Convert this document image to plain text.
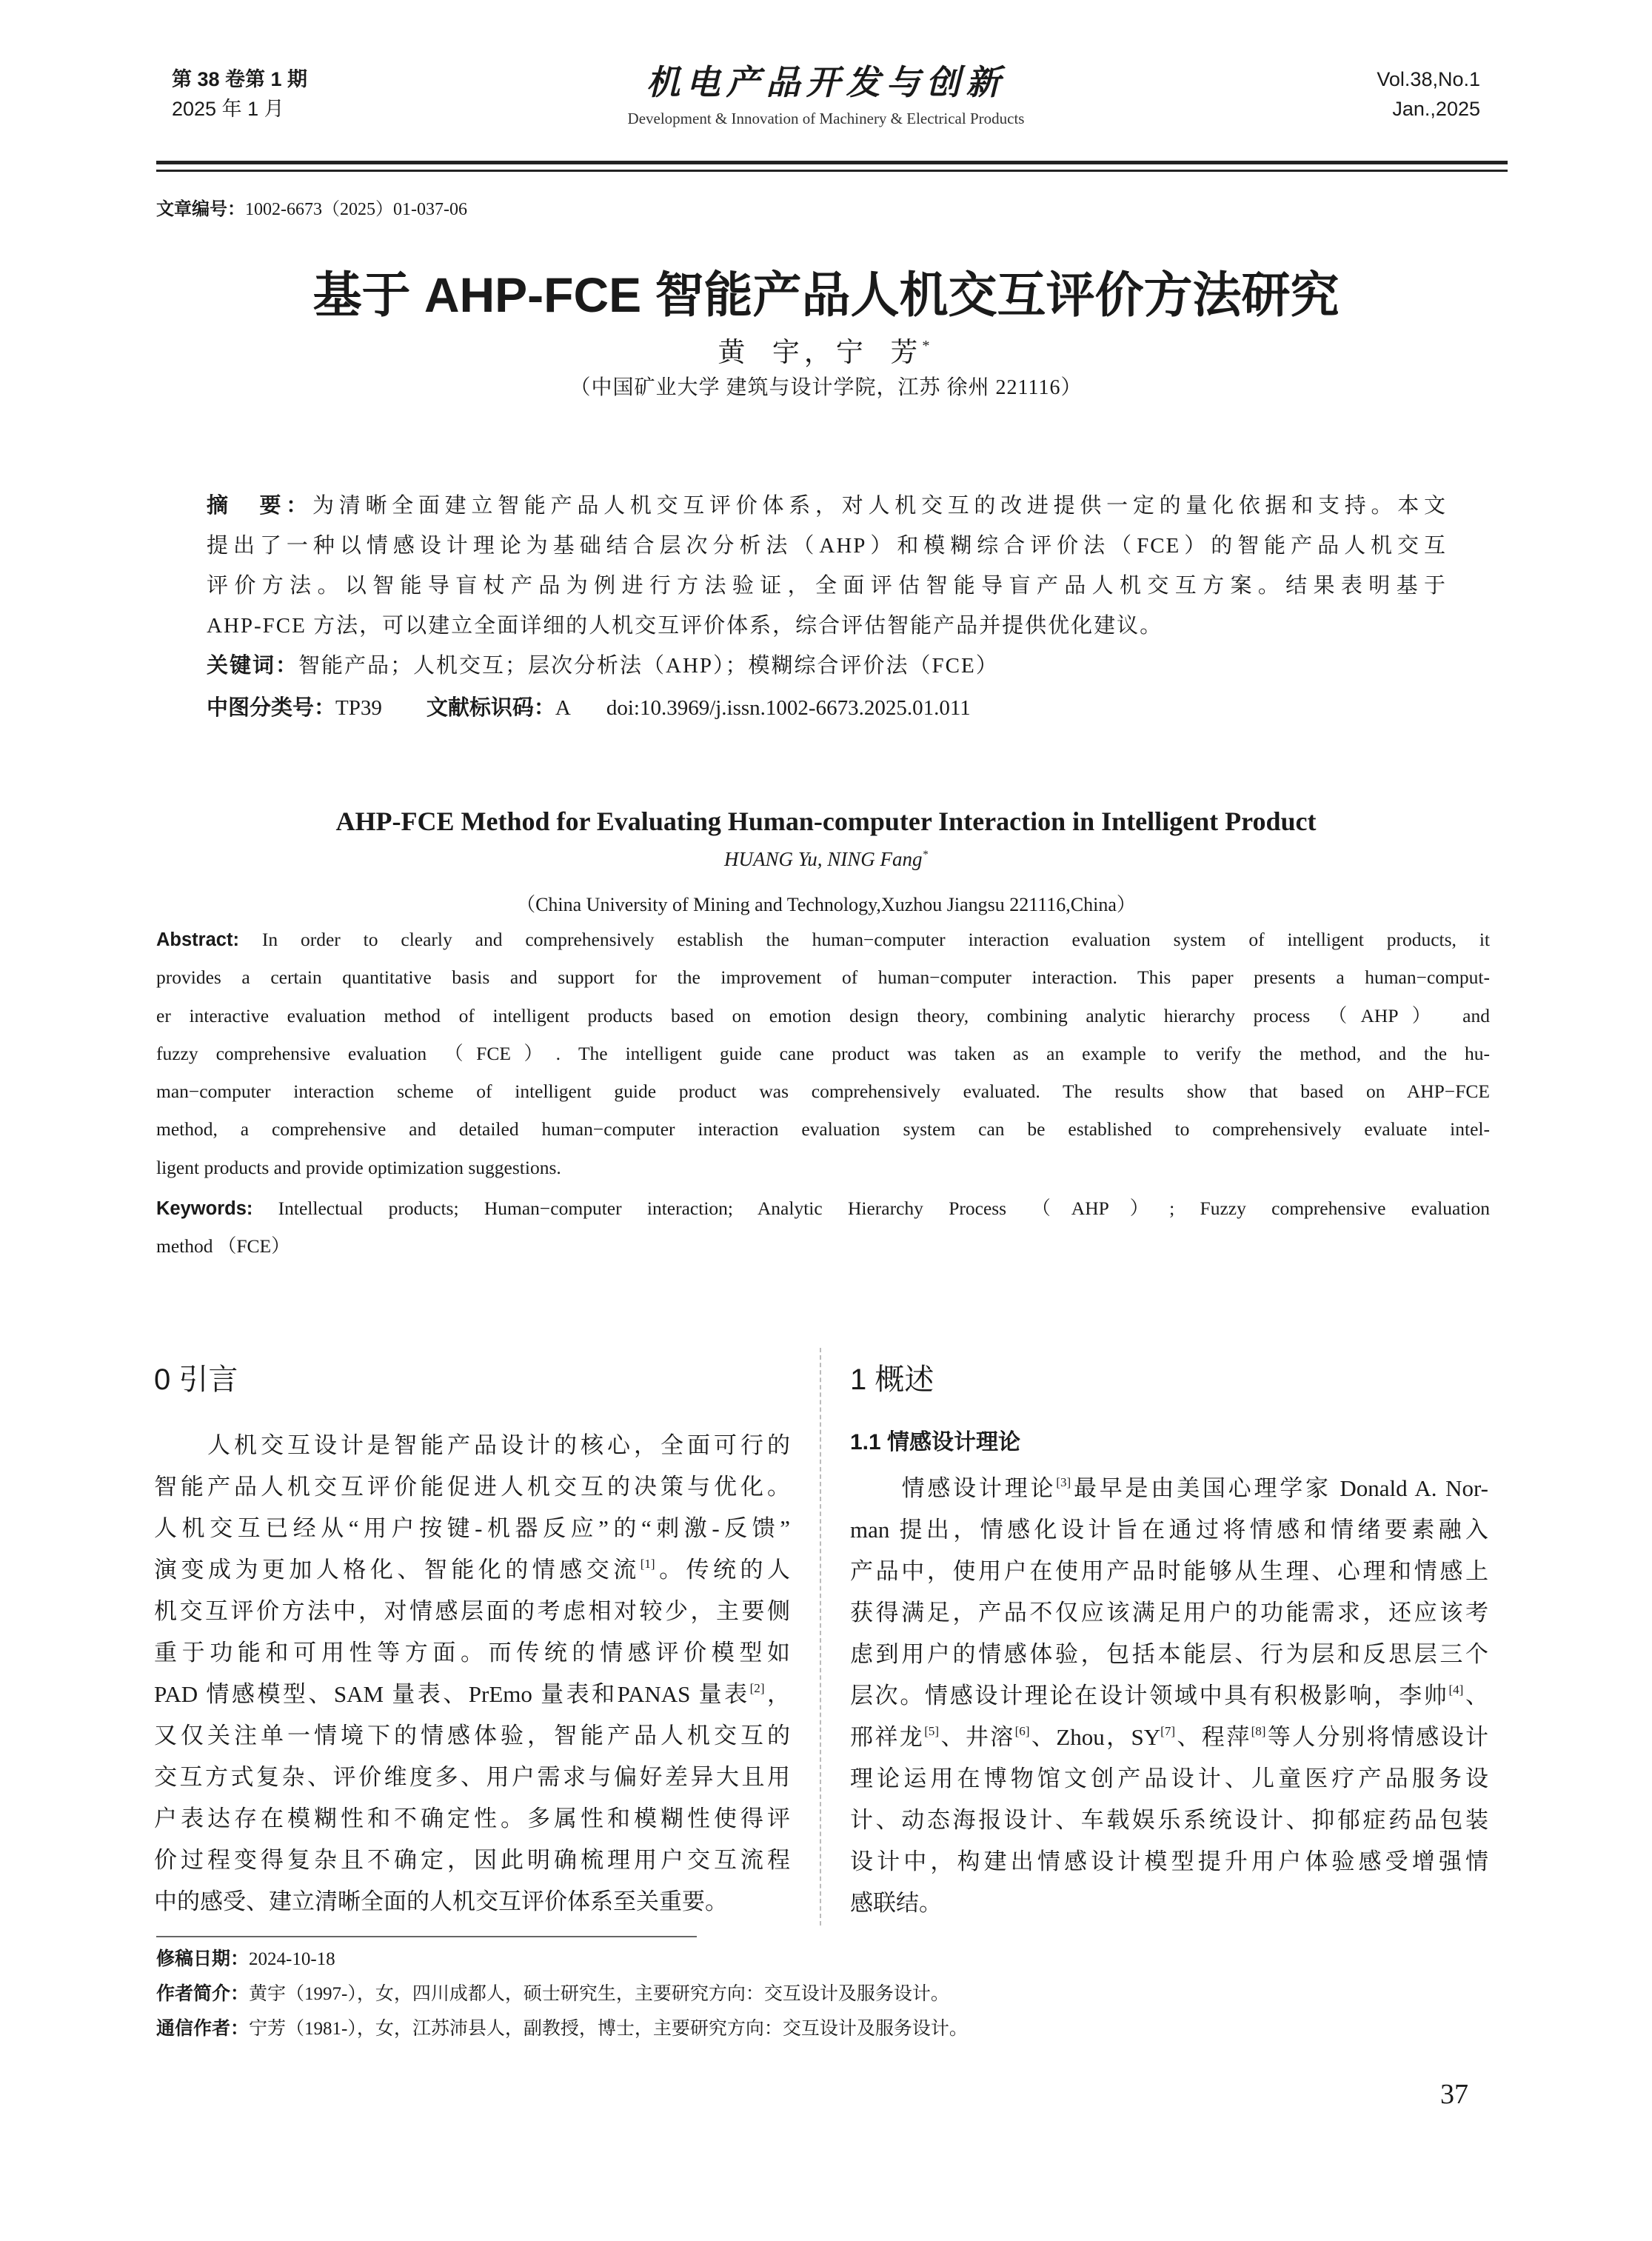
第 38 卷第 1 期
2025 年 1 月
机电产品开发与创新
Development & Innovation of Machinery & Electrical Products
Vol.38,No.1
Jan.,2025
文章编号：1002-6673（2025）01-037-06
基于 AHP-FCE 智能产品人机交互评价方法研究
黄  宇，宁  芳*
（中国矿业大学 建筑与设计学院，江苏 徐州 221116）
摘　要：为清晰全面建立智能产品人机交互评价体系，对人机交互的改进提供一定的量化依据和支持。本文
提出了一种以情感设计理论为基础结合层次分析法（AHP）和模糊综合评价法（FCE）的智能产品人机交互
评价方法。以智能导盲杖产品为例进行方法验证，全面评估智能导盲产品人机交互方案。结果表明基于
AHP-FCE 方法，可以建立全面详细的人机交互评价体系，综合评估智能产品并提供优化建议。
关键词：智能产品；人机交互；层次分析法（AHP）；模糊综合评价法（FCE）
中图分类号：TP39 文献标识码：A doi:10.3969/j.issn.1002-6673.2025.01.011
AHP-FCE Method for Evaluating Human-computer Interaction in Intelligent Product
HUANG Yu, NING Fang*
（China University of Mining and Technology,Xuzhou Jiangsu 221116,China）
Abstract: In order to clearly and comprehensively establish the human−computer interaction evaluation system of intelligent products, it
provides a certain quantitative basis and support for the improvement of human−computer interaction. This paper presents a human−comput-
er interactive evaluation method of intelligent products based on emotion design theory, combining analytic hierarchy process （AHP） and
fuzzy comprehensive evaluation （FCE）. The intelligent guide cane product was taken as an example to verify the method, and the hu-
man−computer interaction scheme of intelligent guide product was comprehensively evaluated. The results show that based on AHP−FCE
method, a comprehensive and detailed human−computer interaction evaluation system can be established to comprehensively evaluate intel-
ligent products and provide optimization suggestions.
Keywords: Intellectual products; Human−computer interaction; Analytic Hierarchy Process （AHP）; Fuzzy comprehensive evaluation
method （FCE）
0 引言
　　人机交互设计是智能产品设计的核心，全面可行的
智能产品人机交互评价能促进人机交互的决策与优化。
人机交互已经从“用户按键-机器反应”的“刺激-反馈”
演变成为更加人格化、智能化的情感交流[1]。传统的人
机交互评价方法中，对情感层面的考虑相对较少，主要侧
重于功能和可用性等方面。而传统的情感评价模型如
PAD 情感模型、SAM 量表、PrEmo 量表和PANAS 量表[2]，
又仅关注单一情境下的情感体验，智能产品人机交互的
交互方式复杂、评价维度多、用户需求与偏好差异大且用
户表达存在模糊性和不确定性。多属性和模糊性使得评
价过程变得复杂且不确定，因此明确梳理用户交互流程
中的感受、建立清晰全面的人机交互评价体系至关重要。
1 概述
1.1 情感设计理论
　　情感设计理论[3]最早是由美国心理学家 Donald A. Nor-
man 提出，情感化设计旨在通过将情感和情绪要素融入
产品中，使用户在使用产品时能够从生理、心理和情感上
获得满足，产品不仅应该满足用户的功能需求，还应该考
虑到用户的情感体验，包括本能层、行为层和反思层三个
层次。情感设计理论在设计领域中具有积极影响，李帅[4]、
邢祥龙[5]、井溶[6]、Zhou，SY[7]、程萍[8]等人分别将情感设计
理论运用在博物馆文创产品设计、儿童医疗产品服务设
计、动态海报设计、车载娱乐系统设计、抑郁症药品包装
设计中，构建出情感设计模型提升用户体验感受增强情
感联结。
修稿日期：2024-10-18
作者简介：黄宇（1997-），女，四川成都人，硕士研究生，主要研究方向：交互设计及服务设计。
通信作者：宁芳（1981-），女，江苏沛县人，副教授，博士，主要研究方向：交互设计及服务设计。
37
